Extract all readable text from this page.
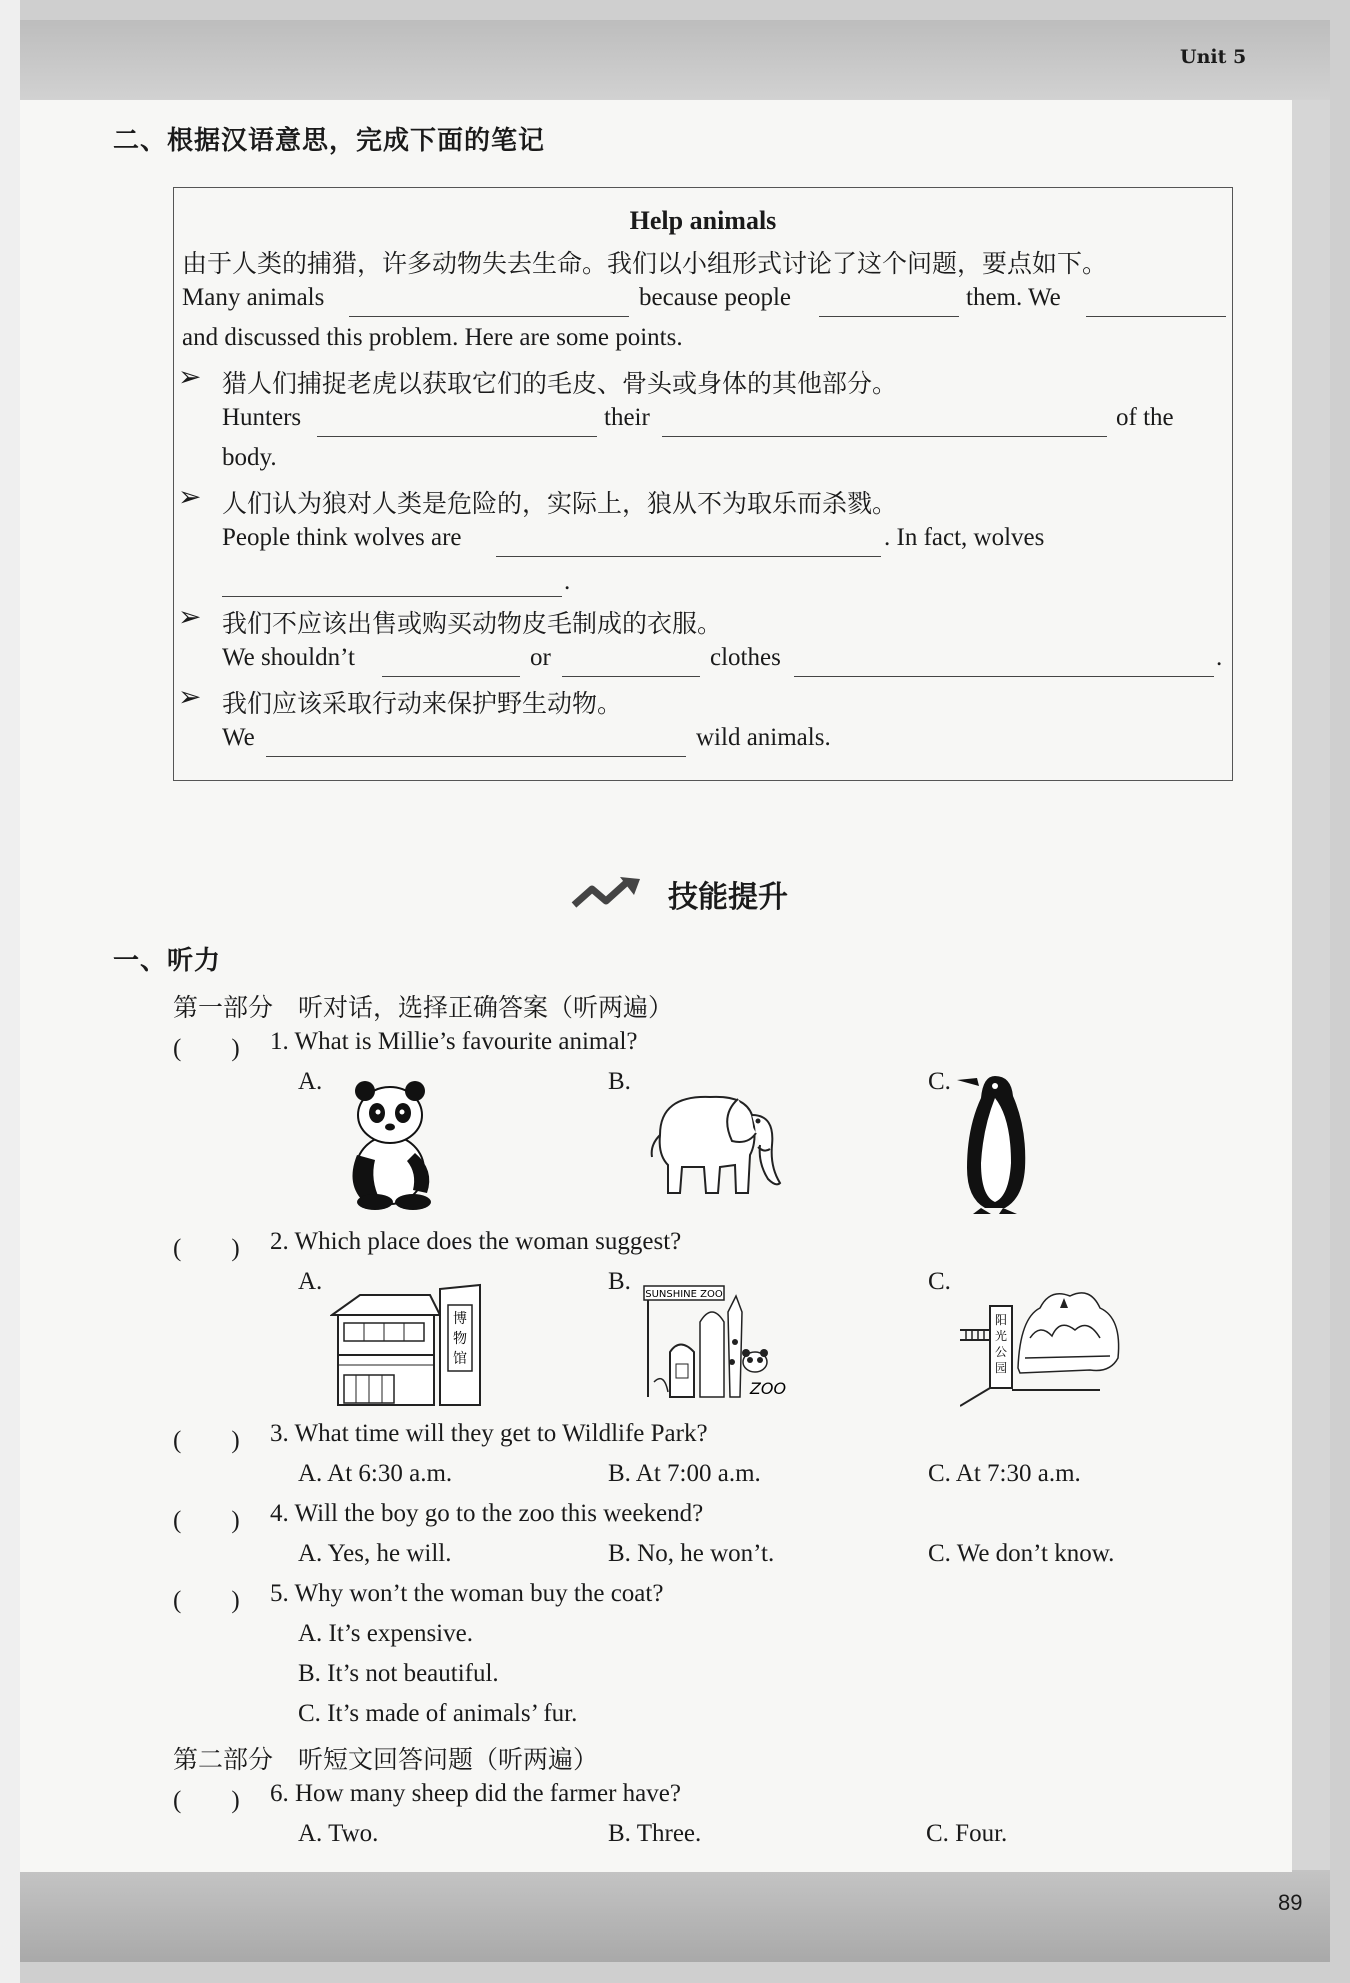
Unit 5
89
二、根据汉语意思，完成下面的笔记
Help animals
由于人类的捕猎，许多动物失去生命。我们以小组形式讨论了这个问题，要点如下。
Many animals	because people	them. We
and discussed this problem. Here are some points.
➢ 猎人们捕捉老虎以获取它们的毛皮、骨头或身体的其他部分。
Hunters	their	of the
body.
➢ 人们认为狼对人类是危险的，实际上，狼从不为取乐而杀戮。
People think wolves are	. In fact, wolves
.
➢ 我们不应该出售或购买动物皮毛制成的衣服。
We shouldn’t	or	clothes	.
➢ 我们应该采取行动来保护野生动物。
We	wild animals.
技能提升
一、听力
第一部分　听对话，选择正确答案（听两遍）
(　　) 1. What is Millie’s favourite animal?
A.	B.	C.
(　　) 2. Which place does the woman suggest?
A.	B.	C.
博
物
馆
SUNSHINE ZOO
ZOO
阳
光
公
园
(　　) 3. What time will they get to Wildlife Park?
A. At 6:30 a.m.	B. At 7:00 a.m.	C. At 7:30 a.m.
(　　) 4. Will the boy go to the zoo this weekend?
A. Yes, he will.	B. No, he won’t.	C. We don’t know.
(　　) 5. Why won’t the woman buy the coat?
A. It’s expensive.
B. It’s not beautiful.
C. It’s made of animals’ fur.
第二部分　听短文回答问题（听两遍）
(　　) 6. How many sheep did the farmer have?
A. Two.	B. Three.	C. Four.
